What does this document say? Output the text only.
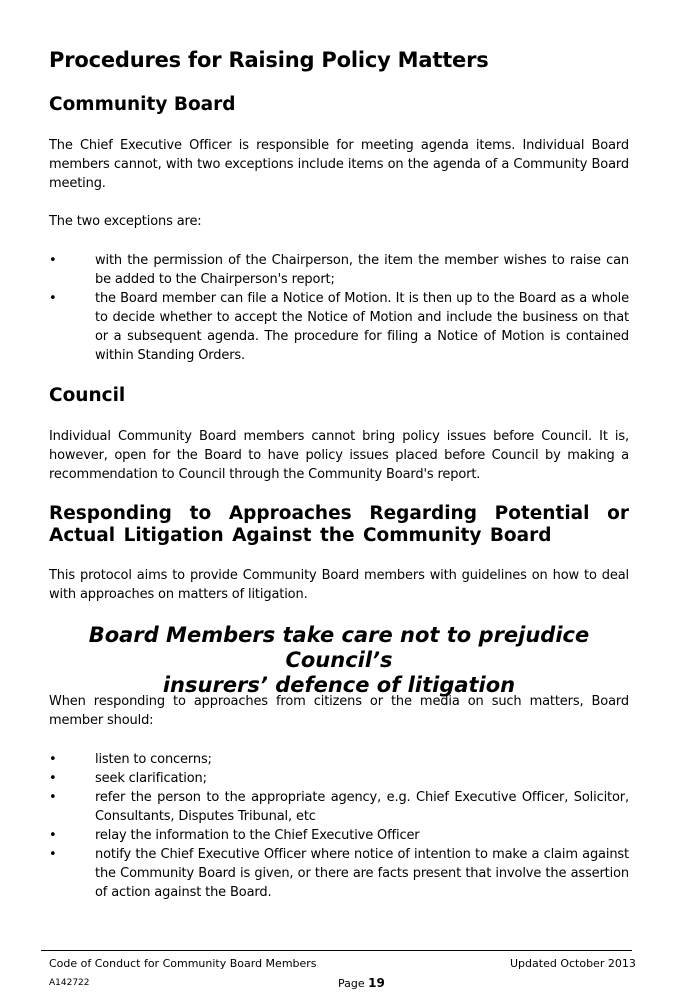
Procedures for Raising Policy Matters
Community Board

The Chief Executive Officer is responsible for meeting agenda items. Individual Board members cannot, with two exceptions include items on the agenda of a Community Board meeting.

The two exceptions are:

•	with the permission of the Chairperson, the item the member wishes to raise can be added to the Chairperson's report;
•	the Board member can file a Notice of Motion. It is then up to the Board as a whole to decide whether to accept the Notice of Motion and include the business on that or a subsequent agenda. The procedure for filing a Notice of Motion is contained within Standing Orders.
Council

Individual Community Board members cannot bring policy issues before Council. It is, however, open for the Board to have policy issues placed before Council by making a recommendation to Council through the Community Board's report.

Responding to Approaches Regarding Potential or Actual Litigation Against the Community Board

This protocol aims to provide Community Board members with guidelines on how to deal with approaches on matters of litigation.

Board Members take care not to prejudice Council’s
insurers’ defence of litigation

When responding to approaches from citizens or the media on such matters, Board member should:

•	listen to concerns;
•	seek clarification;
•	refer the person to the appropriate agency, e.g. Chief Executive Officer, Solicitor, Consultants, Disputes Tribunal, etc
•	relay the information to the Chief Executive Officer
•	notify the Chief Executive Officer where notice of intention to make a claim against the Community Board is given, or there are facts present that involve the assertion of action against the Board.
Code of Conduct for Community Board Members	Updated October 2013
A142722	Page 19
